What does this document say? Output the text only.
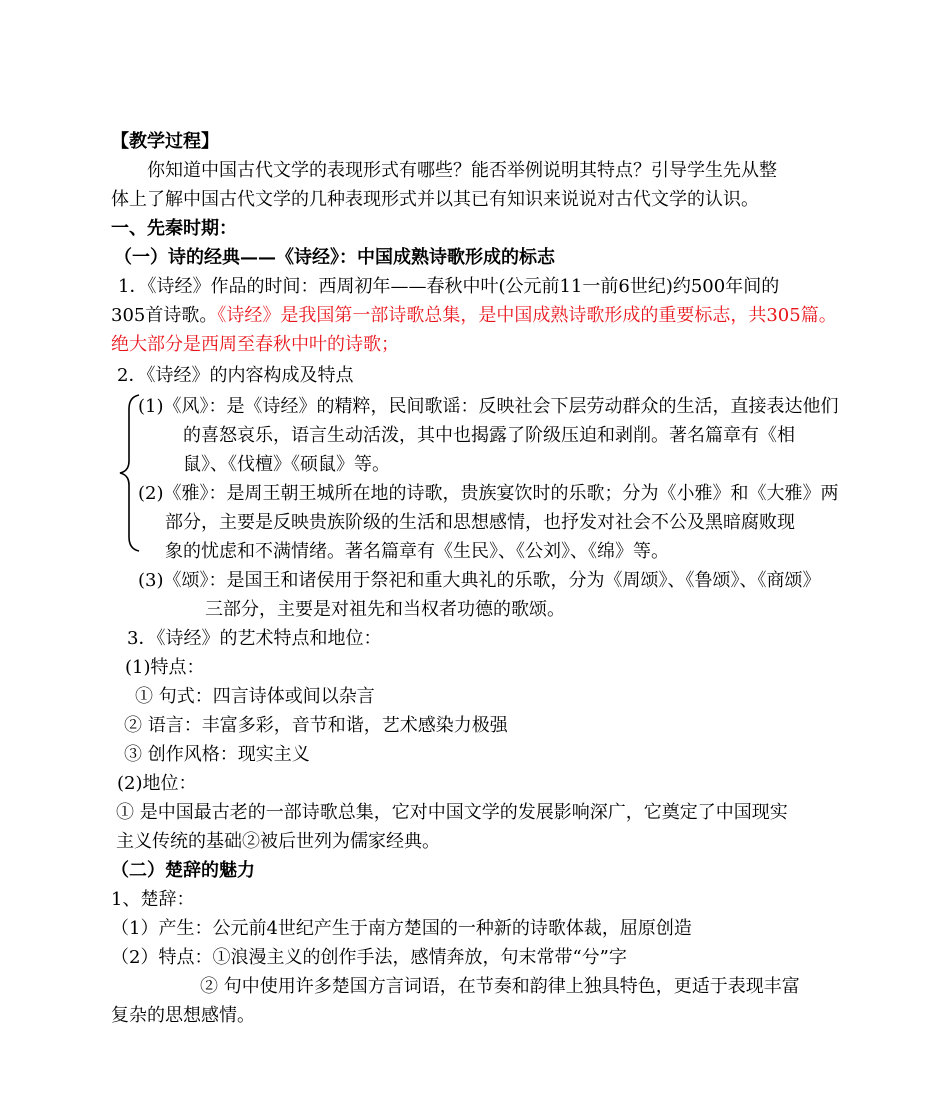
【教学过程】
你知道中国古代文学的表现形式有哪些？能否举例说明其特点？引导学生先从整
体上了解中国古代文学的几种表现形式并以其已有知识来说说对古代文学的认识。
一、先秦时期：
（一）诗的经典——《诗经》：中国成熟诗歌形成的标志
1．《诗经》作品的时间：西周初年——春秋中叶(公元前11一前6世纪)约500年间的
305首诗歌。《诗经》是我国第一部诗歌总集，是中国成熟诗歌形成的重要标志，共305篇。
绝大部分是西周至春秋中叶的诗歌；
2．《诗经》的内容构成及特点
(1)《风》：是《诗经》的精粹，民间歌谣：反映社会下层劳动群众的生活，直接表达他们
的喜怒哀乐，语言生动活泼，其中也揭露了阶级压迫和剥削。著名篇章有《相
鼠》、《伐檀》《硕鼠》等。
(2)《雅》：是周王朝王城所在地的诗歌，贵族宴饮时的乐歌；分为《小雅》和《大雅》两
部分，主要是反映贵族阶级的生活和思想感情，也抒发对社会不公及黑暗腐败现
象的忧虑和不满情绪。著名篇章有《生民》、《公刘》、《绵》等。
(3)《颂》：是国王和诸侯用于祭祀和重大典礼的乐歌，分为《周颂》、《鲁颂》、《商颂》
三部分，主要是对祖先和当权者功德的歌颂。
3．《诗经》的艺术特点和地位：
(1)特点：
① 句式：四言诗体或间以杂言
② 语言：丰富多彩，音节和谐，艺术感染力极强
③ 创作风格：现实主义
(2)地位：
① 是中国最古老的一部诗歌总集，它对中国文学的发展影响深广，它奠定了中国现实
主义传统的基础②被后世列为儒家经典。
（二）楚辞的魅力
1、楚辞：
（1）产生：公元前4世纪产生于南方楚国的一种新的诗歌体裁，屈原创造
（2）特点：①浪漫主义的创作手法，感情奔放，句末常带“兮”字
② 句中使用许多楚国方言词语，在节奏和韵律上独具特色，更适于表现丰富
复杂的思想感情。
